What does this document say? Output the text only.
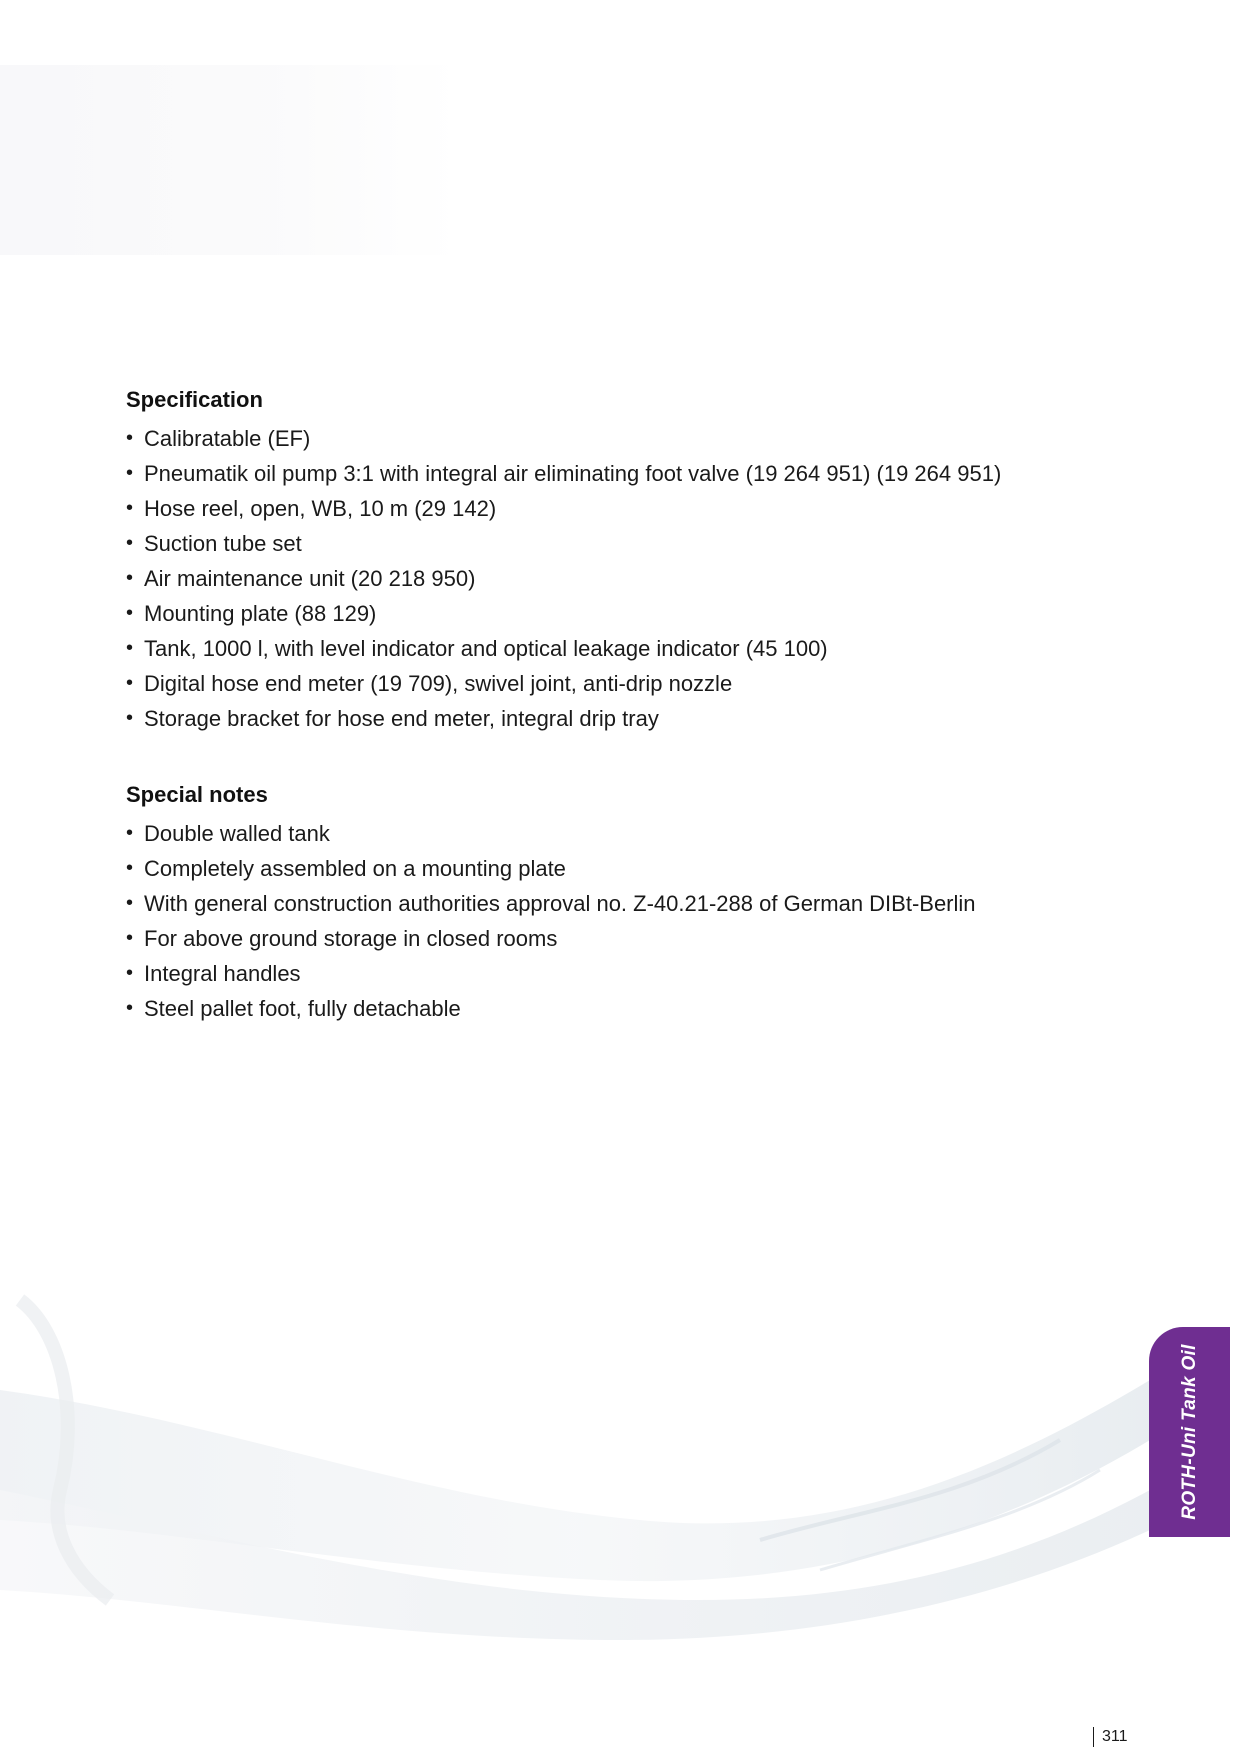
Specification
• Calibratable (EF)
• Pneumatik oil pump 3:1 with integral air eliminating foot valve (19 264 951) (19 264 951)
• Hose reel, open, WB, 10 m (29 142)
• Suction tube set
• Air maintenance unit (20 218 950)
• Mounting plate (88 129)
• Tank, 1000 l, with level indicator and optical leakage indicator (45 100)
• Digital hose end meter (19 709), swivel joint, anti-drip nozzle
• Storage bracket for hose end meter, integral drip tray
Special notes
• Double walled tank
• Completely assembled on a mounting plate
• With general construction authorities approval no. Z-40.21-288 of German DIBt-Berlin
• For above ground storage in closed rooms
• Integral handles
• Steel pallet foot, fully detachable
ROTH-Uni Tank Oil
311
